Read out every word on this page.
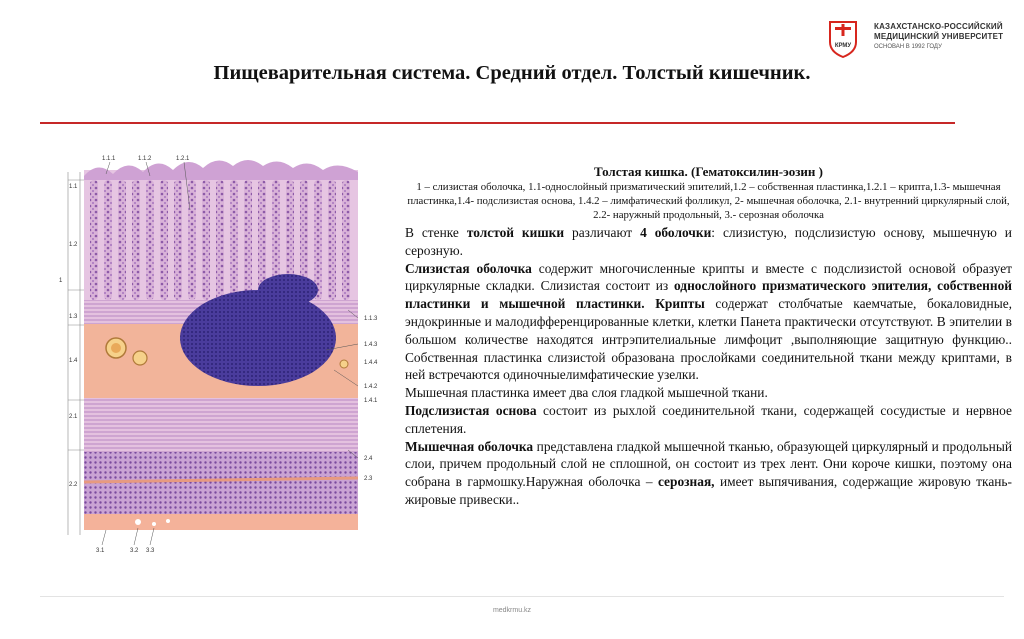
КРМУ
КАЗАХСТАНСКО-РОССИЙСКИЙ
МЕДИЦИНСКИЙ УНИВЕРСИТЕТ
ОСНОВАН В 1992 ГОДУ
Пищеварительная система. Средний отдел. Толстый кишечник.
1.1.1	1.1.2	1.2.1
1.1
1.2
1
1.3
1.4
2.1
2.2
1.1.3
1.4.3
1.4.4
1.4.2
1.4.1
2.4
2.3
3.1	3.2 3.3
Толстая кишка. (Гематоксилин-эозин )
1 – слизистая оболочка, 1.1-однослойный призматический эпителий,1.2 – собственная пластинка,1.2.1 – крипта,1.3- мышечная пластинка,1.4- подслизистая основа, 1.4.2 – лимфатический фолликул, 2- мышечная оболочка, 2.1- внутренний циркулярный слой, 2.2- наружный продольный, 3.- серозная оболочка

В стенке толстой кишки различают 4 оболочки: слизистую, подслизистую основу, мышечную и серозную.

Слизистая оболочка содержит многочисленные крипты и вместе с подслизистой основой образует циркулярные складки. Слизистая состоит из однослойного призматического эпителия, собственной пластинки и мышечной пластинки. Крипты содержат столбчатые каемчатые, бокаловидные, эндокринные и малодифференцированные клетки, клетки Панета практически отсутствуют. В эпителии в большом количестве находятся интрэпителиальные лимфоцит ,выполняющие защитную функцию.. Собственная пластинка слизистой образована прослойками соединительной ткани между криптами, в ней встречаются одиночныелимфатические узелки.

Мышечная пластинка имеет два слоя гладкой мышечной ткани.

Подслизистая основа состоит из рыхлой соединительной ткани, содержащей сосудистые и нервное сплетения.

Мышечная оболочка представлена гладкой мышечной тканью, образующей циркулярный и продольный слои, причем продольный слой не сплошной, он состоит из трех лент. Они короче кишки, поэтому она собрана в гармошку.Наружная оболочка – серозная, имеет выпячивания, содержащие жировую ткань- жировые привески..

medkrmu.kz
